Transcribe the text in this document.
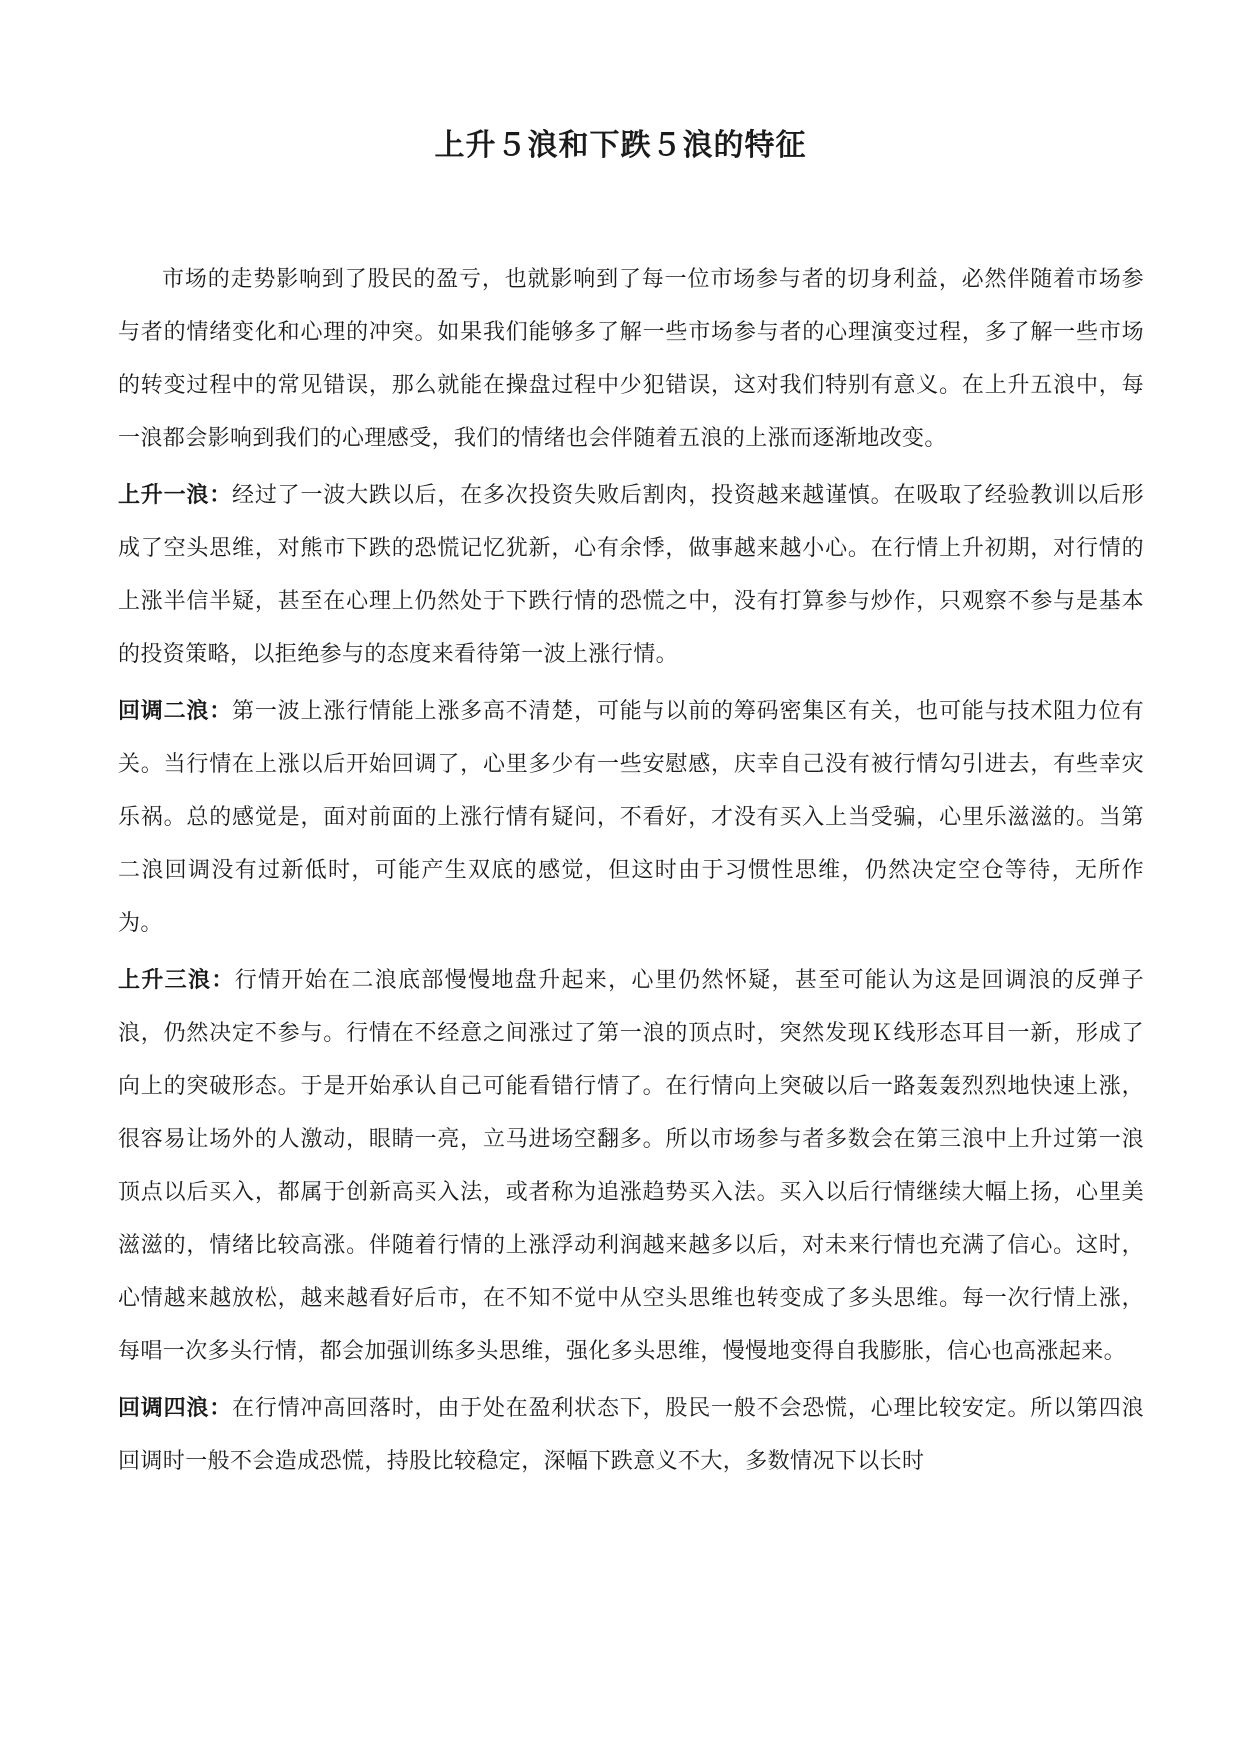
上升５浪和下跌５浪的特征

市场的走势影响到了股民的盈亏，也就影响到了每一位市场参与者的切身利益，必然伴随着市场参与者的情绪变化和心理的冲突。如果我们能够多了解一些市场参与者的心理演变过程，多了解一些市场的转变过程中的常见错误，那么就能在操盘过程中少犯错误，这对我们特别有意义。在上升五浪中，每一浪都会影响到我们的心理感受，我们的情绪也会伴随着五浪的上涨而逐渐地改变。

上升一浪：经过了一波大跌以后，在多次投资失败后割肉，投资越来越谨慎。在吸取了经验教训以后形成了空头思维，对熊市下跌的恐慌记忆犹新，心有余悸，做事越来越小心。在行情上升初期，对行情的上涨半信半疑，甚至在心理上仍然处于下跌行情的恐慌之中，没有打算参与炒作，只观察不参与是基本的投资策略，以拒绝参与的态度来看待第一波上涨行情。

回调二浪：第一波上涨行情能上涨多高不清楚，可能与以前的筹码密集区有关，也可能与技术阻力位有关。当行情在上涨以后开始回调了，心里多少有一些安慰感，庆幸自己没有被行情勾引进去，有些幸灾乐祸。总的感觉是，面对前面的上涨行情有疑问，不看好，才没有买入上当受骗，心里乐滋滋的。当第二浪回调没有过新低时，可能产生双底的感觉，但这时由于习惯性思维，仍然决定空仓等待，无所作为。

上升三浪：行情开始在二浪底部慢慢地盘升起来，心里仍然怀疑，甚至可能认为这是回调浪的反弹子浪，仍然决定不参与。行情在不经意之间涨过了第一浪的顶点时，突然发现Ｋ线形态耳目一新，形成了向上的突破形态。于是开始承认自己可能看错行情了。在行情向上突破以后一路轰轰烈烈地快速上涨，很容易让场外的人激动，眼睛一亮，立马进场空翻多。所以市场参与者多数会在第三浪中上升过第一浪顶点以后买入，都属于创新高买入法，或者称为追涨趋势买入法。买入以后行情继续大幅上扬，心里美滋滋的，情绪比较高涨。伴随着行情的上涨浮动利润越来越多以后，对未来行情也充满了信心。这时，心情越来越放松，越来越看好后市，在不知不觉中从空头思维也转变成了多头思维。每一次行情上涨，每唱一次多头行情，都会加强训练多头思维，强化多头思维，慢慢地变得自我膨胀，信心也高涨起来。

回调四浪：在行情冲高回落时，由于处在盈利状态下，股民一般不会恐慌，心理比较安定。所以第四浪回调时一般不会造成恐慌，持股比较稳定，深幅下跌意义不大，多数情况下以长时
